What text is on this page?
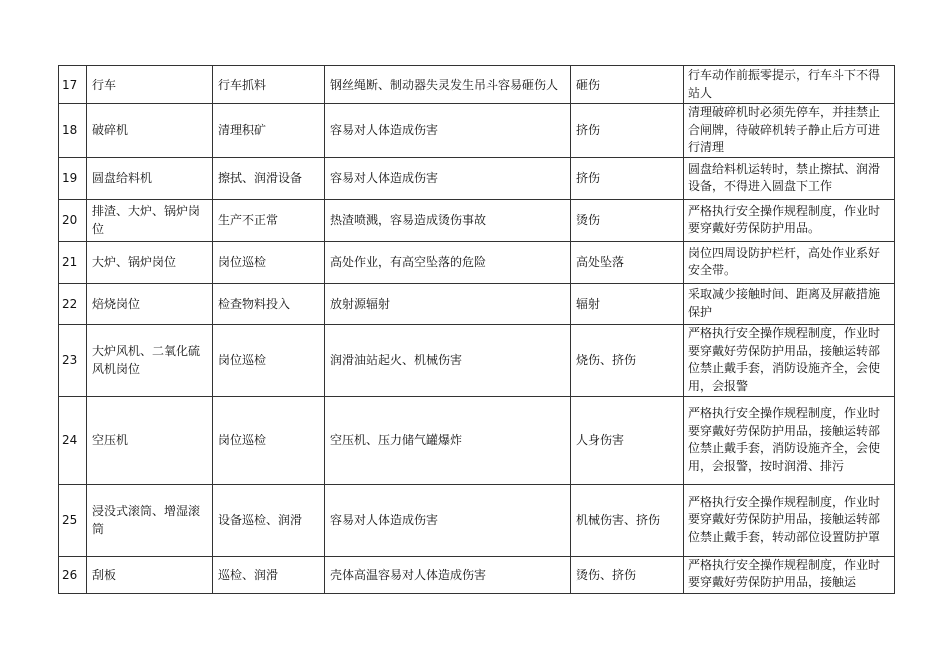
17	行车	行车抓料	钢丝绳断、制动器失灵发生吊斗容易砸伤人	砸伤	行车动作前振零提示，行车斗下不得站人
18	破碎机	清理积矿	容易对人体造成伤害	挤伤	清理破碎机时必须先停车，并挂禁止合闸牌，待破碎机转子静止后方可进行清理
19	圆盘给料机	擦拭、润滑设备	容易对人体造成伤害	挤伤	圆盘给料机运转时，禁止擦拭、润滑设备，不得进入圆盘下工作
20	排渣、大炉、锅炉岗位	生产不正常	热渣喷溅，容易造成烫伤事故	烫伤	严格执行安全操作规程制度，作业时要穿戴好劳保防护用品。
21	大炉、锅炉岗位	岗位巡检	高处作业，有高空坠落的危险	高处坠落	岗位四周设防护栏杆，高处作业系好安全带。
22	焙烧岗位	检查物料投入	放射源辐射	辐射	采取减少接触时间、距离及屏蔽措施保护
23	大炉风机、二氧化硫风机岗位	岗位巡检	润滑油站起火、机械伤害	烧伤、挤伤	严格执行安全操作规程制度，作业时要穿戴好劳保防护用品，接触运转部位禁止戴手套，消防设施齐全，会使用，会报警
24	空压机	岗位巡检	空压机、压力储气罐爆炸	人身伤害	严格执行安全操作规程制度，作业时要穿戴好劳保防护用品，接触运转部位禁止戴手套，消防设施齐全，会使用，会报警，按时润滑、排污
25	浸没式滚筒、增湿滚筒	设备巡检、润滑	容易对人体造成伤害	机械伤害、挤伤	严格执行安全操作规程制度，作业时要穿戴好劳保防护用品，接触运转部位禁止戴手套，转动部位设置防护罩
26	刮板	巡检、润滑	壳体高温容易对人体造成伤害	烫伤、挤伤	严格执行安全操作规程制度，作业时要穿戴好劳保防护用品，接触运
